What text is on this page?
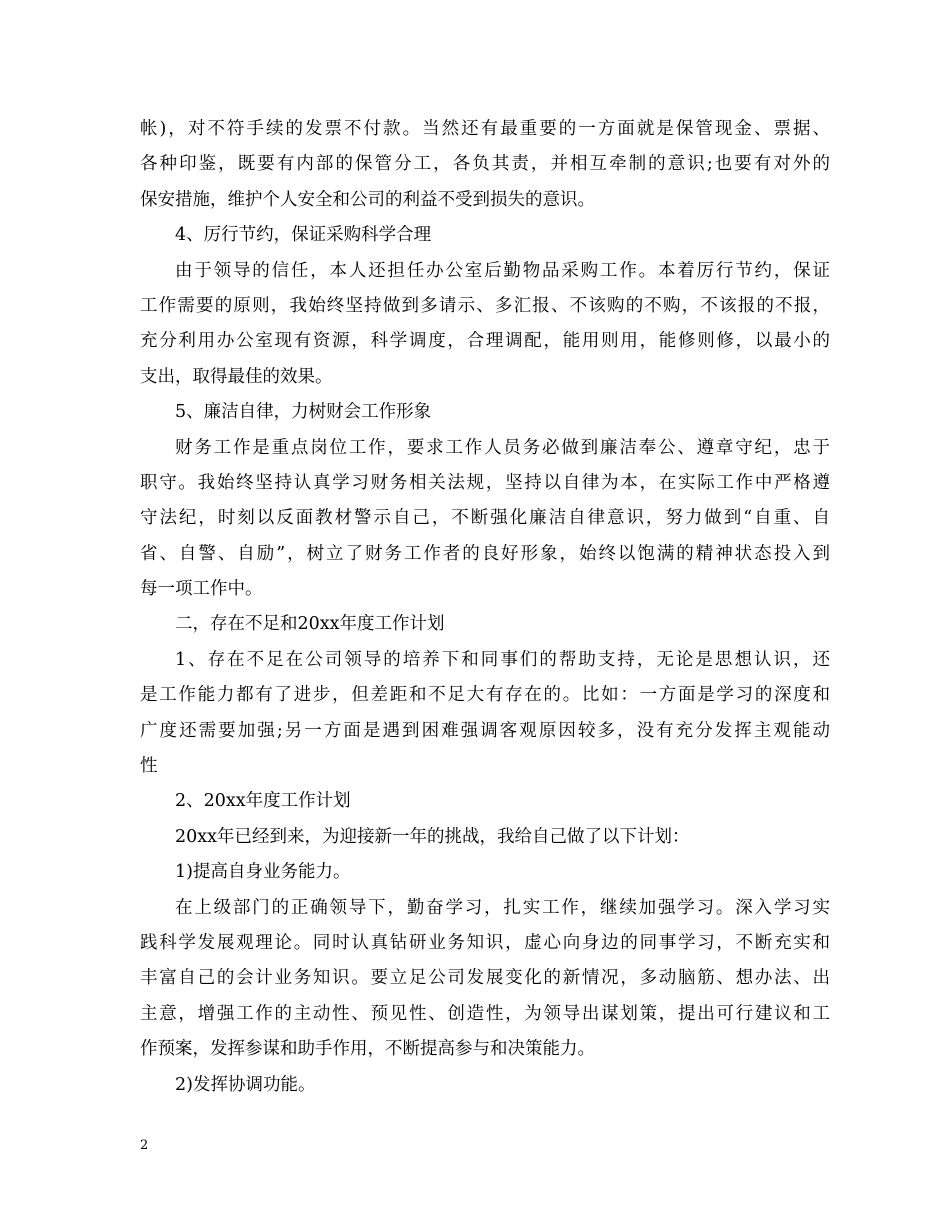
帐)，对不符手续的发票不付款。当然还有最重要的一方面就是保管现金、票据、
各种印鉴，既要有内部的保管分工，各负其责，并相互牵制的意识;也要有对外的
保安措施，维护个人安全和公司的利益不受到损失的意识。
4、厉行节约，保证采购科学合理
由于领导的信任，本人还担任办公室后勤物品采购工作。本着厉行节约，保证
工作需要的原则，我始终坚持做到多请示、多汇报、不该购的不购，不该报的不报，
充分利用办公室现有资源，科学调度，合理调配，能用则用，能修则修，以最小的
支出，取得最佳的效果。
5、廉洁自律，力树财会工作形象
财务工作是重点岗位工作，要求工作人员务必做到廉洁奉公、遵章守纪，忠于
职守。我始终坚持认真学习财务相关法规，坚持以自律为本，在实际工作中严格遵
守法纪，时刻以反面教材警示自己，不断强化廉洁自律意识，努力做到“自重、自
省、自警、自励”，树立了财务工作者的良好形象，始终以饱满的精神状态投入到
每一项工作中。
二，存在不足和20xx年度工作计划
1、存在不足在公司领导的培养下和同事们的帮助支持，无论是思想认识，还
是工作能力都有了进步，但差距和不足大有存在的。比如：一方面是学习的深度和
广度还需要加强;另一方面是遇到困难强调客观原因较多，没有充分发挥主观能动
性
2、20xx年度工作计划
20xx年已经到来，为迎接新一年的挑战，我给自己做了以下计划：
1)提高自身业务能力。
在上级部门的正确领导下，勤奋学习，扎实工作，继续加强学习。深入学习实
践科学发展观理论。同时认真钻研业务知识，虚心向身边的同事学习，不断充实和
丰富自己的会计业务知识。要立足公司发展变化的新情况，多动脑筋、想办法、出
主意，增强工作的主动性、预见性、创造性，为领导出谋划策，提出可行建议和工
作预案，发挥参谋和助手作用，不断提高参与和决策能力。
2)发挥协调功能。
2
